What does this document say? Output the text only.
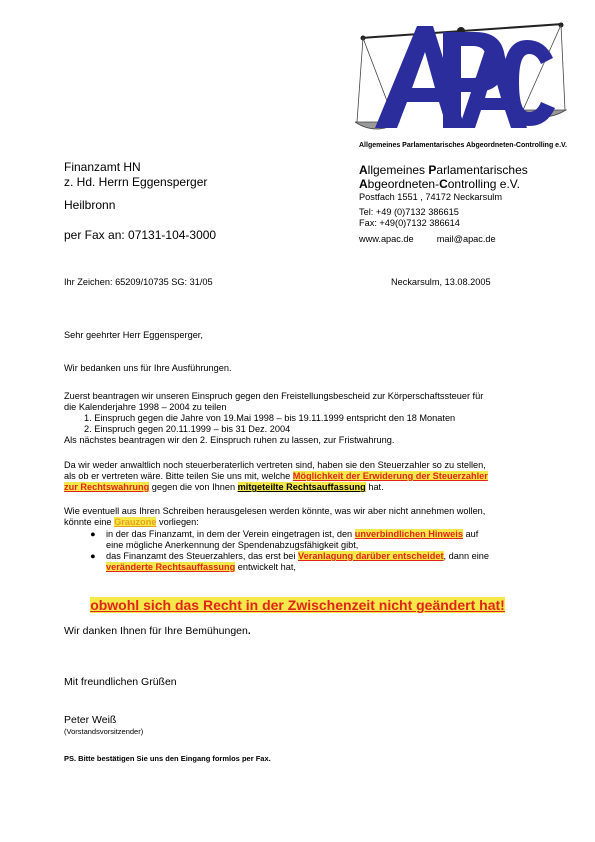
Allgemeines Parlamentarisches Abgeordneten-Controlling e.V.
Finanzamt HN
z. Hd. Herrn Eggensperger
Heilbronn
per Fax an: 07131-104-3000
Allgemeines Parlamentarisches
Abgeordneten-Controlling e.V.
Postfach 1551 , 74172 Neckarsulm
Tel: +49 (0)7132 386615
Fax: +49(0)7132 386614
www.apac.de	mail@apac.de
Ihr Zeichen: 65209/10735 SG: 31/05	Neckarsulm, 13.08.2005
Sehr geehrter Herr Eggensperger,
Wir bedanken uns für Ihre Ausführungen.
Zuerst beantragen wir unseren Einspruch gegen den Freistellungsbescheid zur Körperschaftssteuer für
die Kalenderjahre 1998 – 2004 zu teilen
1. Einspruch gegen die Jahre von 19.Mai 1998 – bis 19.11.1999 entspricht den 18 Monaten
2. Einspruch gegen 20.11.1999 – bis 31 Dez. 2004
Als nächstes beantragen wir den 2. Einspruch ruhen zu lassen, zur Fristwahrung.
Da wir weder anwaltlich noch steuerberaterlich vertreten sind, haben sie den Steuerzahler so zu stellen,
als ob er vertreten wäre. Bitte teilen Sie uns mit, welche Möglichkeit der Erwiderung der Steuerzahler
zur Rechtswahrung gegen die von Ihnen mitgeteilte Rechtsauffassung hat.
Wie eventuell aus Ihren Schreiben herausgelesen werden könnte, was wir aber nicht annehmen wollen,
könnte eine Grauzone vorliegen:
● in der das Finanzamt, in dem der Verein eingetragen ist, den unverbindlichen Hinweis auf
eine mögliche Anerkennung der Spendenabzugsfähigkeit gibt,
● das Finanzamt des Steuerzahlers, das erst bei Veranlagung darüber entscheidet, dann eine
veränderte Rechtsauffassung entwickelt hat,
obwohl sich das Recht in der Zwischenzeit nicht geändert hat!
Wir danken Ihnen für Ihre Bemühungen.
Mit freundlichen Grüßen
Peter Weiß
(Vorstandsvorsitzender)
PS. Bitte bestätigen Sie uns den Eingang formlos per Fax.
